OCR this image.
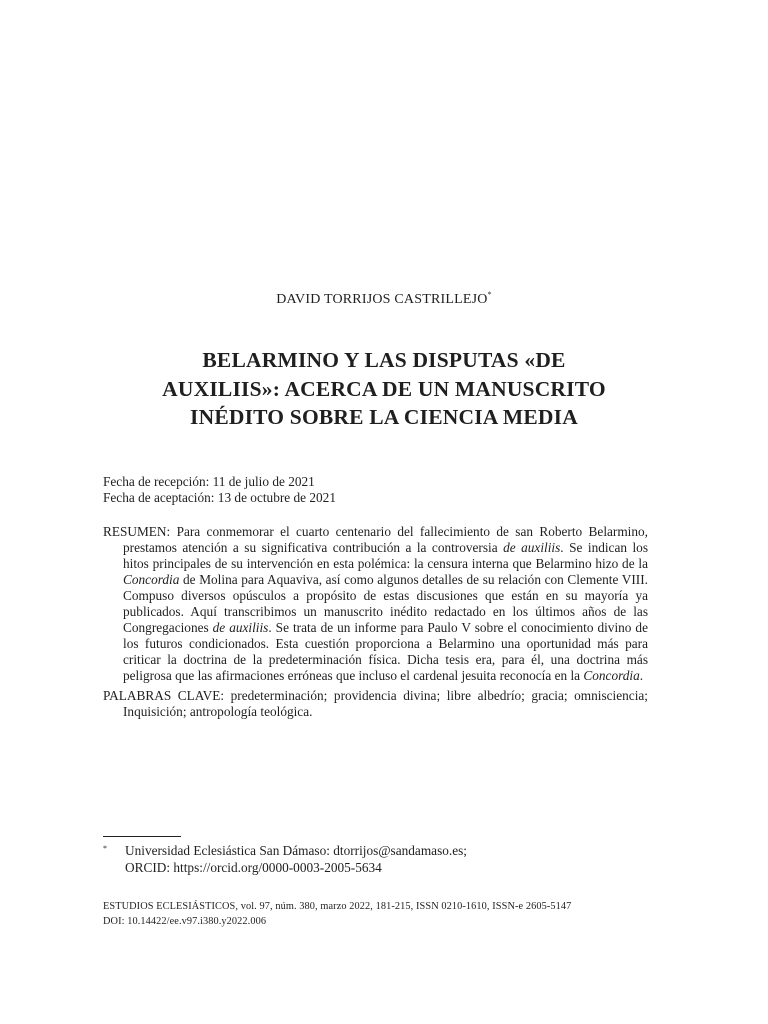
DAVID TORRIJOS CASTRILLEJO*
BELARMINO Y LAS DISPUTAS «DE
AUXILIIS»: ACERCA DE UN MANUSCRITO
INÉDITO SOBRE LA CIENCIA MEDIA
Fecha de recepción: 11 de julio de 2021
Fecha de aceptación: 13 de octubre de 2021

RESUMEN: Para conmemorar el cuarto centenario del fallecimiento de san Roberto Belarmino, prestamos atención a su significativa contribución a la controversia de auxiliis. Se indican los hitos principales de su intervención en esta polémica: la censura interna que Belarmino hizo de la Concordia de Molina para Aquaviva, así como algunos detalles de su relación con Clemente VIII. Compuso diversos opúsculos a propósito de estas discusiones que están en su mayoría ya publicados. Aquí transcribimos un manuscrito inédito redactado en los últimos años de las Congregaciones de auxiliis. Se trata de un informe para Paulo V sobre el conocimiento divino de los futuros condicionados. Esta cuestión proporciona a Belarmino una oportunidad más para criticar la doctrina de la predeterminación física. Dicha tesis era, para él, una doctrina más peligrosa que las afirmaciones erróneas que incluso el cardenal jesuita reconocía en la Concordia.

PALABRAS CLAVE: predeterminación; providencia divina; libre albedrío; gracia; omnisciencia; Inquisición; antropología teológica.

* Universidad Eclesiástica San Dámaso: dtorrijos@sandamaso.es;
ORCID: https://orcid.org/0000-0003-2005-5634
ESTUDIOS ECLESIÁSTICOS, vol. 97, núm. 380, marzo 2022, 181-215, ISSN 0210-1610, ISSN-e 2605-5147
DOI: 10.14422/ee.v97.i380.y2022.006
